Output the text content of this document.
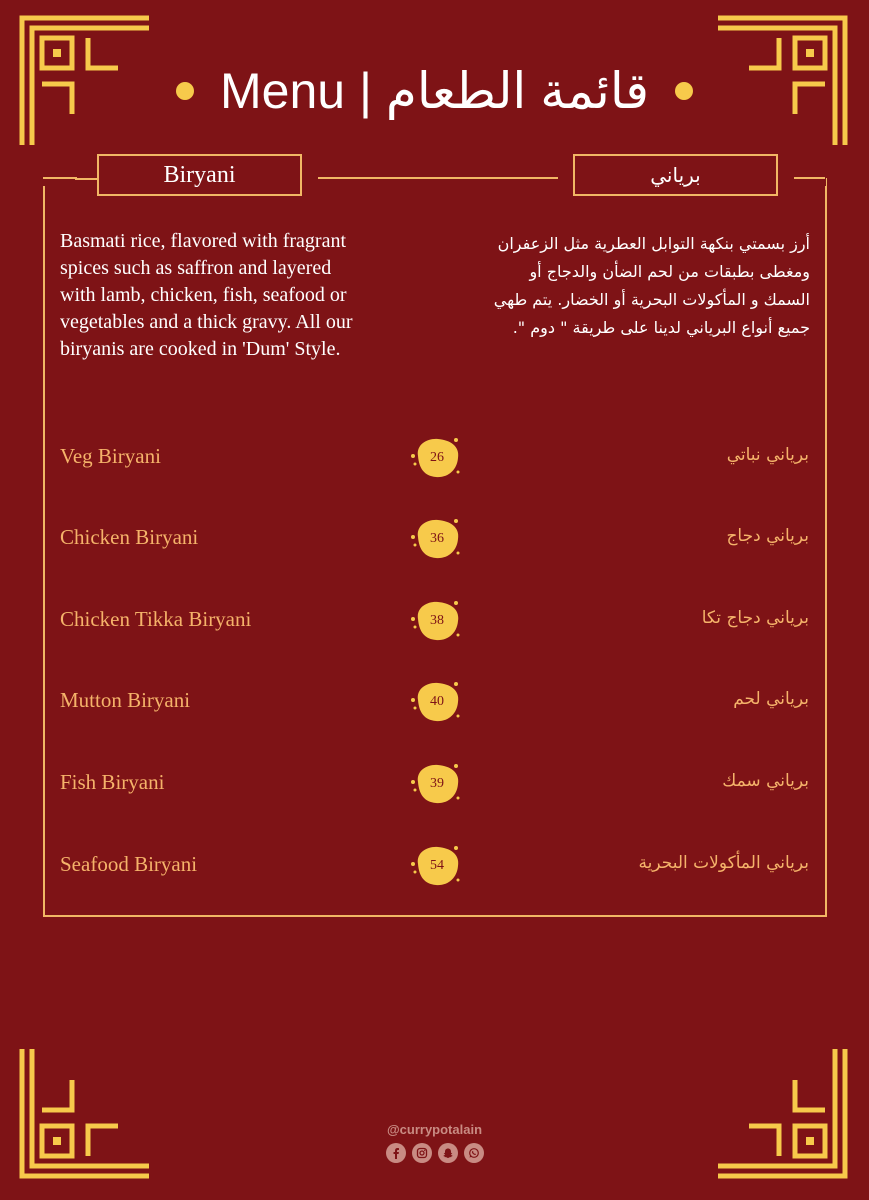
Menu | قائمة الطعام
Biryani	برياني
Basmati rice, flavored with fragrant spices such as saffron and layered with lamb, chicken, fish, seafood or vegetables and a thick gravy. All our biryanis are cooked in 'Dum' Style.
أرز بسمتي بنكهة التوابل العطرية مثل الزعفران ومغطى بطبقات من لحم الضأن والدجاج أو السمك و المأكولات البحرية أو الخضار. يتم طهي جميع أنواع البرياني لدينا على طريقة " دوم ".
Veg Biryani	26	برياني نباتي
Chicken Biryani	36	برياني دجاج
Chicken Tikka Biryani	38	برياني دجاج تكا
Mutton Biryani	40	برياني لحم
Fish Biryani	39	برياني سمك
Seafood Biryani	54	برياني المأكولات البحرية
@currypotalain
